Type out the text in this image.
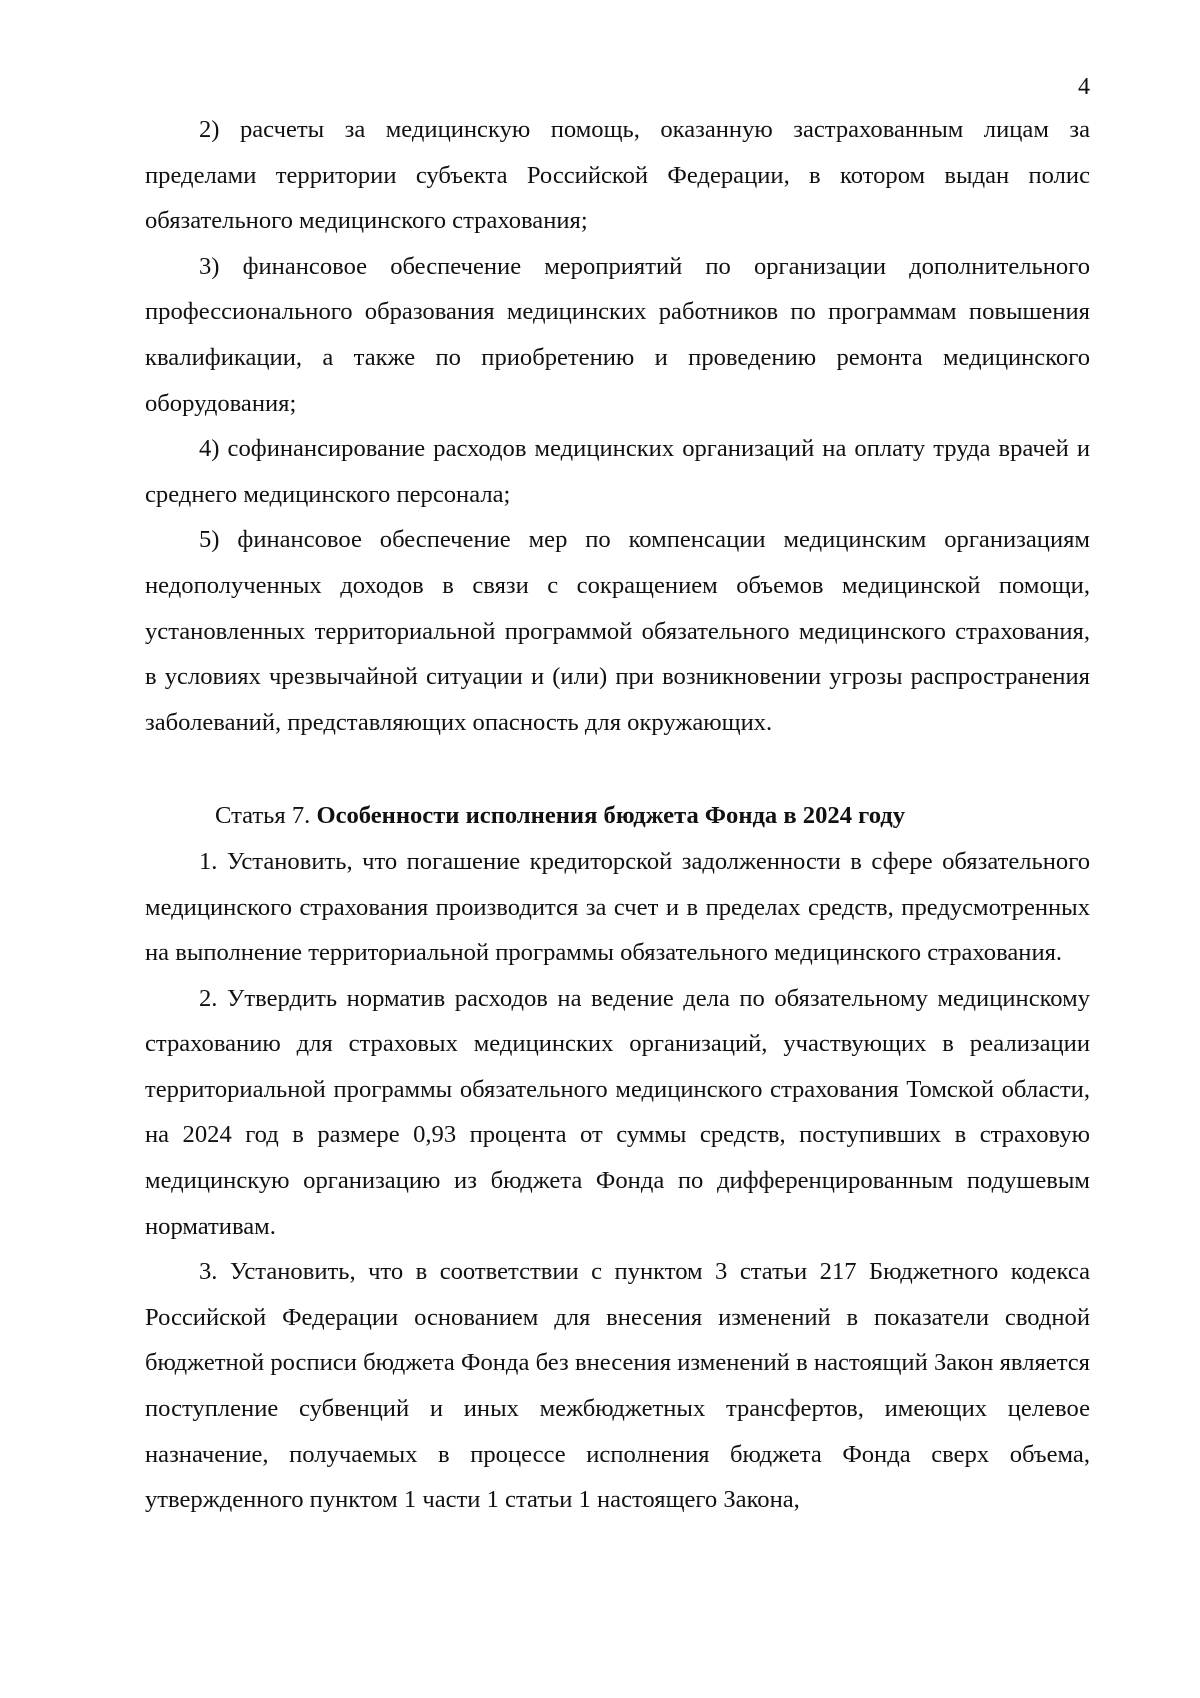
4

2) расчеты за медицинскую помощь, оказанную застрахованным лицам за пределами территории субъекта Российской Федерации, в котором выдан полис обязательного медицинского страхования;

3) финансовое обеспечение мероприятий по организации дополнительного профессионального образования медицинских работников по программам повышения квалификации, а также по приобретению и проведению ремонта медицинского оборудования;

4) софинансирование расходов медицинских организаций на оплату труда врачей и среднего медицинского персонала;

5) финансовое обеспечение мер по компенсации медицинским организациям недополученных доходов в связи с сокращением объемов медицинской помощи, установленных территориальной программой обязательного медицинского страхования, в условиях чрезвычайной ситуации и (или) при возникновении угрозы распространения заболеваний, представляющих опасность для окружающих.

Статья 7. Особенности исполнения бюджета Фонда в 2024 году

1. Установить, что погашение кредиторской задолженности в сфере обязательного медицинского страхования производится за счет и в пределах средств, предусмотренных на выполнение территориальной программы обязательного медицинского страхования.

2. Утвердить норматив расходов на ведение дела по обязательному медицинскому страхованию для страховых медицинских организаций, участвующих в реализации территориальной программы обязательного медицинского страхования Томской области, на 2024 год в размере 0,93 процента от суммы средств, поступивших в страховую медицинскую организацию из бюджета Фонда по дифференцированным подушевым нормативам.

3. Установить, что в соответствии с пунктом 3 статьи 217 Бюджетного кодекса Российской Федерации основанием для внесения изменений в показатели сводной бюджетной росписи бюджета Фонда без внесения изменений в настоящий Закон является поступление субвенций и иных межбюджетных трансфертов, имеющих целевое назначение, получаемых в процессе исполнения бюджета Фонда сверх объема, утвержденного пунктом 1 части 1 статьи 1 настоящего Закона,
